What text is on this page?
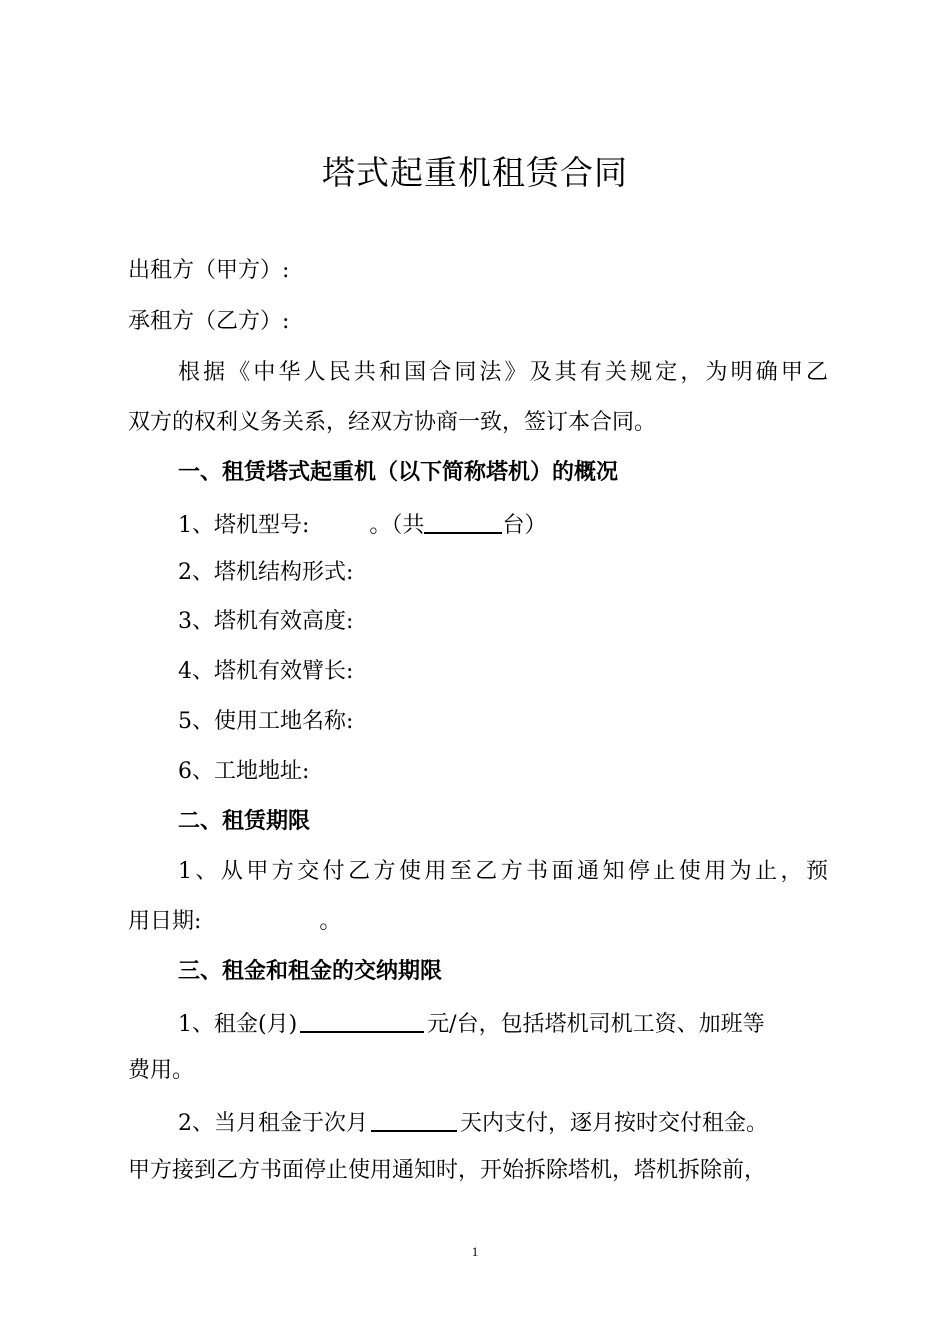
塔式起重机租赁合同
出租方（甲方）:
承租方（乙方）:
根据《中华人民共和国合同法》及其有关规定，为明确甲乙
双方的权利义务关系，经双方协商一致，签订本合同。
一、租赁塔式起重机（以下简称塔机）的概况
1、塔机型号:	。（共	台）
2、塔机结构形式:
3、塔机有效高度:
4、塔机有效臂长:
5、使用工地名称:
6、工地地址:
二、租赁期限
1、从甲方交付乙方使用至乙方书面通知停止使用为止，预
用日期:	。
三、租金和租金的交纳期限
1、租金(月)	元/台，包括塔机司机工资、加班等
费用。
2、当月租金于次月	天内支付，逐月按时交付租金。
甲方接到乙方书面停止使用通知时，开始拆除塔机，塔机拆除前，
1
